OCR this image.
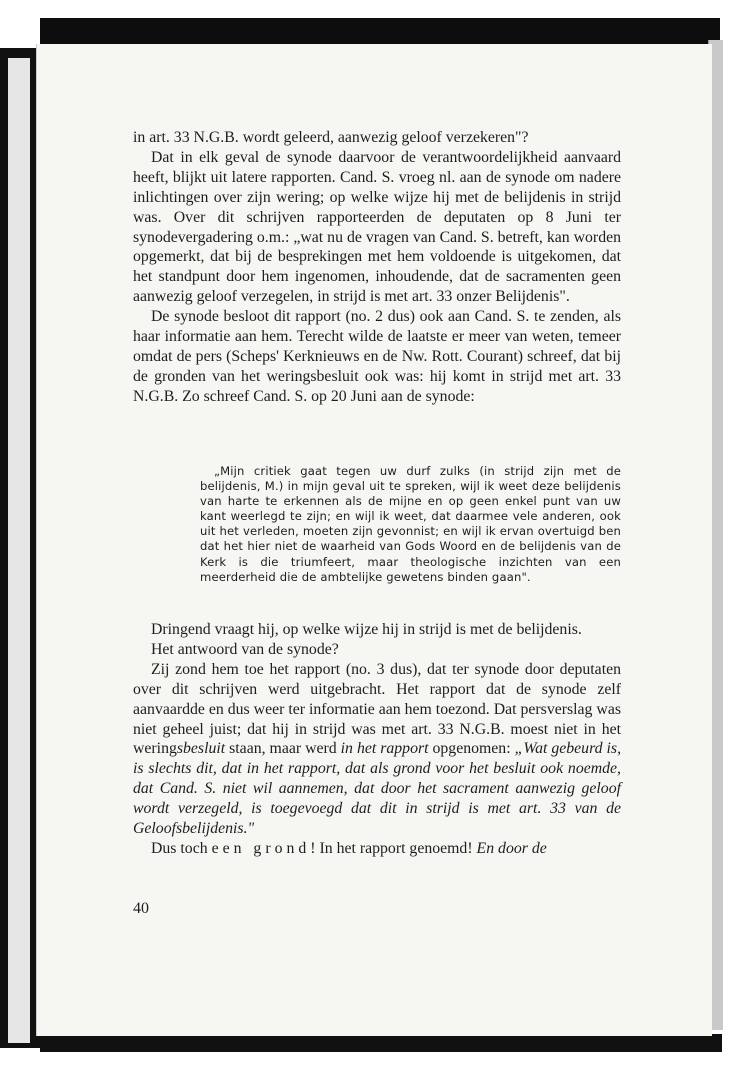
in art. 33 N.G.B. wordt geleerd, aanwezig geloof verzekeren"?

Dat in elk geval de synode daarvoor de verantwoordelijkheid aanvaard heeft, blijkt uit latere rapporten. Cand. S. vroeg nl. aan de synode om nadere inlichtingen over zijn wering; op welke wijze hij met de belijdenis in strijd was. Over dit schrijven rapporteerden de deputaten op 8 Juni ter synodevergadering o.m.: „wat nu de vragen van Cand. S. betreft, kan worden opgemerkt, dat bij de besprekingen met hem voldoende is uitgekomen, dat het standpunt door hem ingenomen, inhoudende, dat de sacramenten geen aanwezig geloof verzegelen, in strijd is met art. 33 onzer Belijdenis".

De synode besloot dit rapport (no. 2 dus) ook aan Cand. S. te zenden, als haar informatie aan hem. Terecht wilde de laatste er meer van weten, temeer omdat de pers (Scheps' Kerknieuws en de Nw. Rott. Courant) schreef, dat bij de gronden van het weringsbesluit ook was: hij komt in strijd met art. 33 N.G.B. Zo schreef Cand. S. op 20 Juni aan de synode:

„Mijn critiek gaat tegen uw durf zulks (in strijd zijn met de belijdenis, M.) in mijn geval uit te spreken, wijl ik weet deze belijdenis van harte te erkennen als de mijne en op geen enkel punt van uw kant weerlegd te zijn; en wijl ik weet, dat daarmee vele anderen, ook uit het verleden, moeten zijn gevonnist; en wijl ik ervan overtuigd ben dat het hier niet de waarheid van Gods Woord en de belijdenis van de Kerk is die triumfeert, maar theologische inzichten van een meerderheid die de ambtelijke gewetens binden gaan".

Dringend vraagt hij, op welke wijze hij in strijd is met de belijdenis.

Het antwoord van de synode?

Zij zond hem toe het rapport (no. 3 dus), dat ter synode door deputaten over dit schrijven werd uitgebracht. Het rapport dat de synode zelf aanvaardde en dus weer ter informatie aan hem toezond. Dat persverslag was niet geheel juist; dat hij in strijd was met art. 33 N.G.B. moest niet in het weringsbesluit staan, maar werd in het rapport opgenomen: „Wat gebeurd is, is slechts dit, dat in het rapport, dat als grond voor het besluit ook noemde, dat Cand. S. niet wil aannemen, dat door het sacrament aanwezig geloof wordt verzegeld, is toegevoegd dat dit in strijd is met art. 33 van de Geloofsbelijdenis."

Dus toch een grond! In het rapport genoemd! En door de

40
